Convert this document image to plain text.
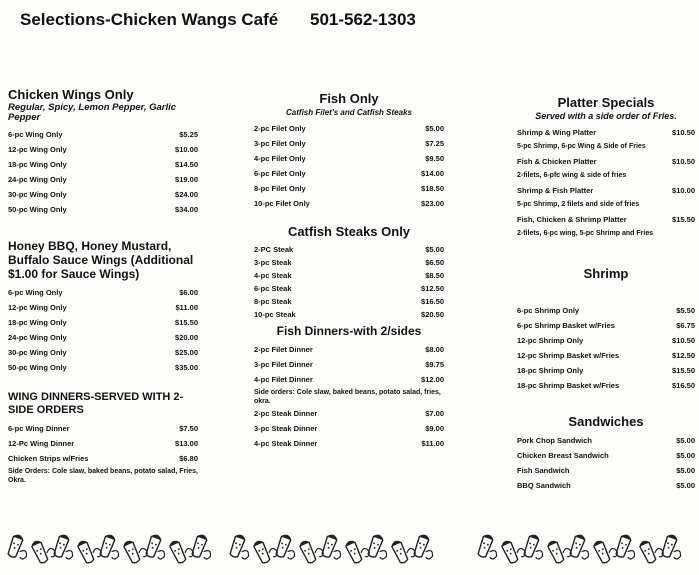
Selections-Chicken Wangs Café 501-562-1303
Chicken Wings Only
Regular, Spicy, Lemon Pepper, Garlic Pepper
6-pc Wing Only	$5.25
12-pc Wing Only	$10.00
18-pc Wing Only	$14.50
24-pc Wing Only	$19.00
30-pc Wing Only	$24.00
50-pc Wing Only	$34.00
Honey BBQ, Honey Mustard, Buffalo Sauce Wings (Additional $1.00 for Sauce Wings)
6-pc Wing Only	$6.00
12-pc Wing Only	$11.00
18-pc Wing Only	$15.50
24-pc Wing Only	$20.00
30-pc Wing Only	$25.00
50-pc Wing Only	$35.00
WING DINNERS-SERVED WITH 2-SIDE ORDERS
6-pc Wing Dinner	$7.50
12-Pc Wing Dinner	$13.00
Chicken Strips w/Fries	$6.80
Side Orders: Cole slaw, baked beans, potato salad, Fries, Okra.
Fish Only
Catfish Filet's and Catfish Steaks
2-pc Filet Only	$5.00
3-pc Filet Only	$7.25
4-pc Filet Only	$9.50
6-pc Filet Only	$14.00
8-pc Filet Only	$18.50
10-pc Filet Only	$23.00
Catfish Steaks Only
2-PC Steak	$5.00
3-pc Steak	$6.50
4-pc Steak	$8.50
6-pc Steak	$12.50
8-pc Steak	$16.50
10-pc Steak	$20.50
Fish Dinners-with 2/sides
2-pc Filet Dinner	$8.00
3-pc Filet Dinner	$9.75
4-pc Filet Dinner	$12.00
Side orders: Cole slaw, baked beans, potato salad, fries, okra.
2-pc Steak Dinner	$7.00
3-pc Steak Dinner	$9.00
4-pc Steak Dinner	$11.00
Platter Specials
Served with a side order of Fries.
Shrimp & Wing Platter	$10.50
5-pc Shrimp, 6-pc Wing & Side of Fries
Fish & Chicken Platter	$10.50
2-filets, 6-pfc wing & side of fries
Shrimp & Fish Platter	$10.00
5-pc Shrimp, 2 filets and side of fries
Fish, Chicken & Shrimp Platter	$15.50
2-filets, 6-pc wing, 5-pc Shrimp and Fries
Shrimp
6-pc Shrimp Only	$5.50
6-pc Shrimp Basket w/Fries	$6.75
12-pc Shrimp Only	$10.50
12-pc Shrimp Basket w/Fries	$12.50
18-pc Shrimp Only	$15.50
18-pc Shrimp Basket w/Fries	$16.50
Sandwiches
Pork Chop Sandwich	$5.00
Chicken Breast Sandwich	$5.00
Fish Sandwich	$5.00
BBQ Sandwich	$5.00
